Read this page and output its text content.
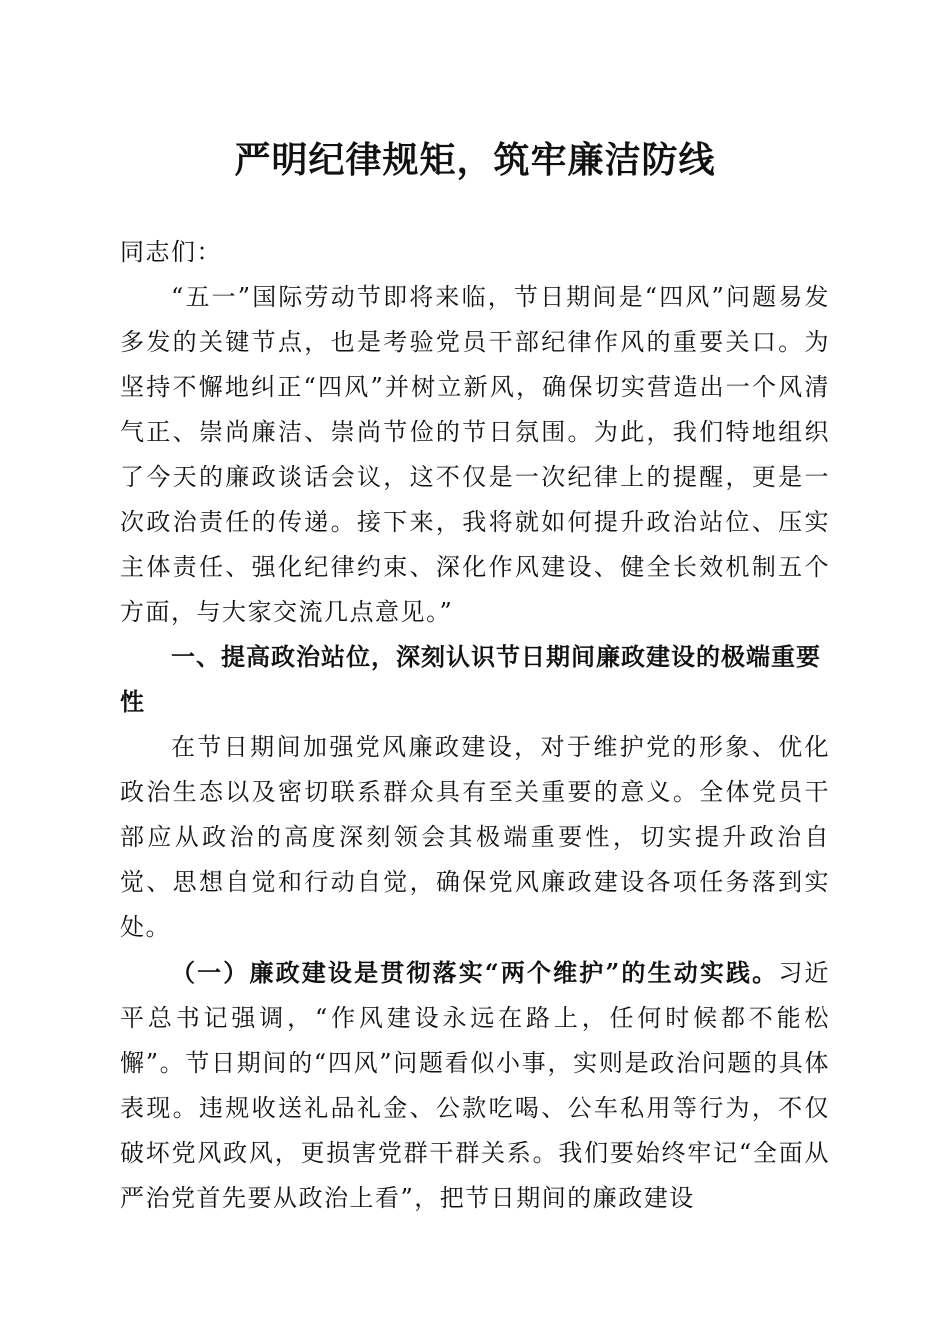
严明纪律规矩，筑牢廉洁防线

同志们：

“五一”国际劳动节即将来临，节日期间是“四风”问题易发多发的关键节点，也是考验党员干部纪律作风的重要关口。为坚持不懈地纠正“四风”并树立新风，确保切实营造出一个风清气正、崇尚廉洁、崇尚节俭的节日氛围。为此，我们特地组织了今天的廉政谈话会议，这不仅是一次纪律上的提醒，更是一次政治责任的传递。接下来，我将就如何提升政治站位、压实主体责任、强化纪律约束、深化作风建设、健全长效机制五个方面，与大家交流几点意见。”

一、提高政治站位，深刻认识节日期间廉政建设的极端重要性

在节日期间加强党风廉政建设，对于维护党的形象、优化政治生态以及密切联系群众具有至关重要的意义。全体党员干部应从政治的高度深刻领会其极端重要性，切实提升政治自觉、思想自觉和行动自觉，确保党风廉政建设各项任务落到实处。

（一）廉政建设是贯彻落实“两个维护”的生动实践。习近平总书记强调，“作风建设永远在路上，任何时候都不能松懈”。节日期间的“四风”问题看似小事，实则是政治问题的具体表现。违规收送礼品礼金、公款吃喝、公车私用等行为，不仅破坏党风政风，更损害党群干群关系。我们要始终牢记“全面从严治党首先要从政治上看”，把节日期间的廉政建设
